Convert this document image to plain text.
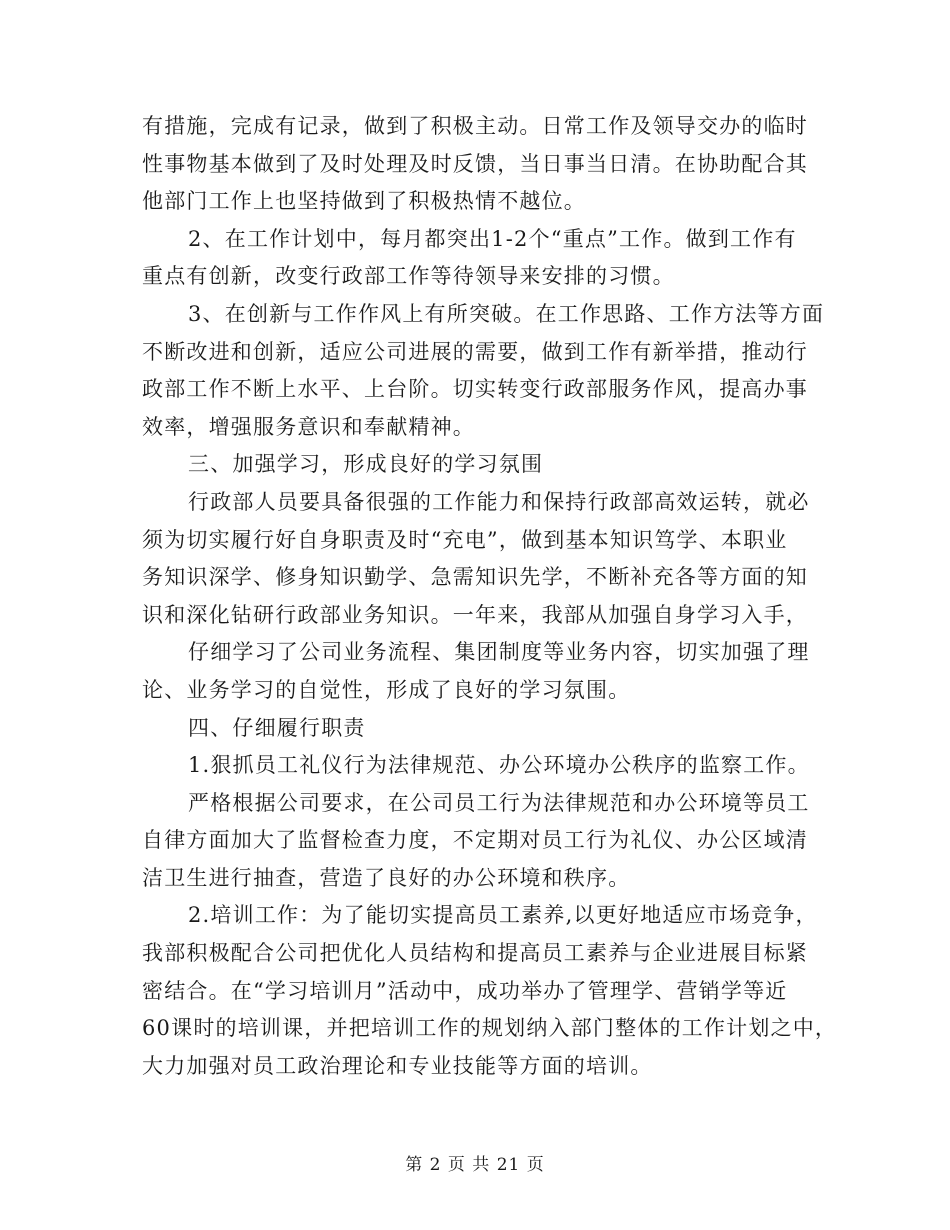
有措施，完成有记录，做到了积极主动。日常工作及领导交办的临时
性事物基本做到了及时处理及时反馈，当日事当日清。在协助配合其
他部门工作上也坚持做到了积极热情不越位。
2、在工作计划中，每月都突出1-2个“重点”工作。做到工作有
重点有创新，改变行政部工作等待领导来安排的习惯。
3、在创新与工作作风上有所突破。在工作思路、工作方法等方面
不断改进和创新，适应公司进展的需要，做到工作有新举措，推动行
政部工作不断上水平、上台阶。切实转变行政部服务作风，提高办事
效率，增强服务意识和奉献精神。
三、加强学习，形成良好的学习氛围
行政部人员要具备很强的工作能力和保持行政部高效运转，就必
须为切实履行好自身职责及时“充电”，做到基本知识笃学、本职业
务知识深学、修身知识勤学、急需知识先学，不断补充各等方面的知
识和深化钻研行政部业务知识。一年来，我部从加强自身学习入手，
仔细学习了公司业务流程、集团制度等业务内容，切实加强了理
论、业务学习的自觉性，形成了良好的学习氛围。
四、仔细履行职责
1.狠抓员工礼仪行为法律规范、办公环境办公秩序的监察工作。
严格根据公司要求，在公司员工行为法律规范和办公环境等员工
自律方面加大了监督检查力度，不定期对员工行为礼仪、办公区域清
洁卫生进行抽查，营造了良好的办公环境和秩序。
2.培训工作：为了能切实提高员工素养,以更好地适应市场竞争，
我部积极配合公司把优化人员结构和提高员工素养与企业进展目标紧
密结合。在“学习培训月”活动中，成功举办了管理学、营销学等近
60课时的培训课，并把培训工作的规划纳入部门整体的工作计划之中，
大力加强对员工政治理论和专业技能等方面的培训。
第 2 页 共 21 页
